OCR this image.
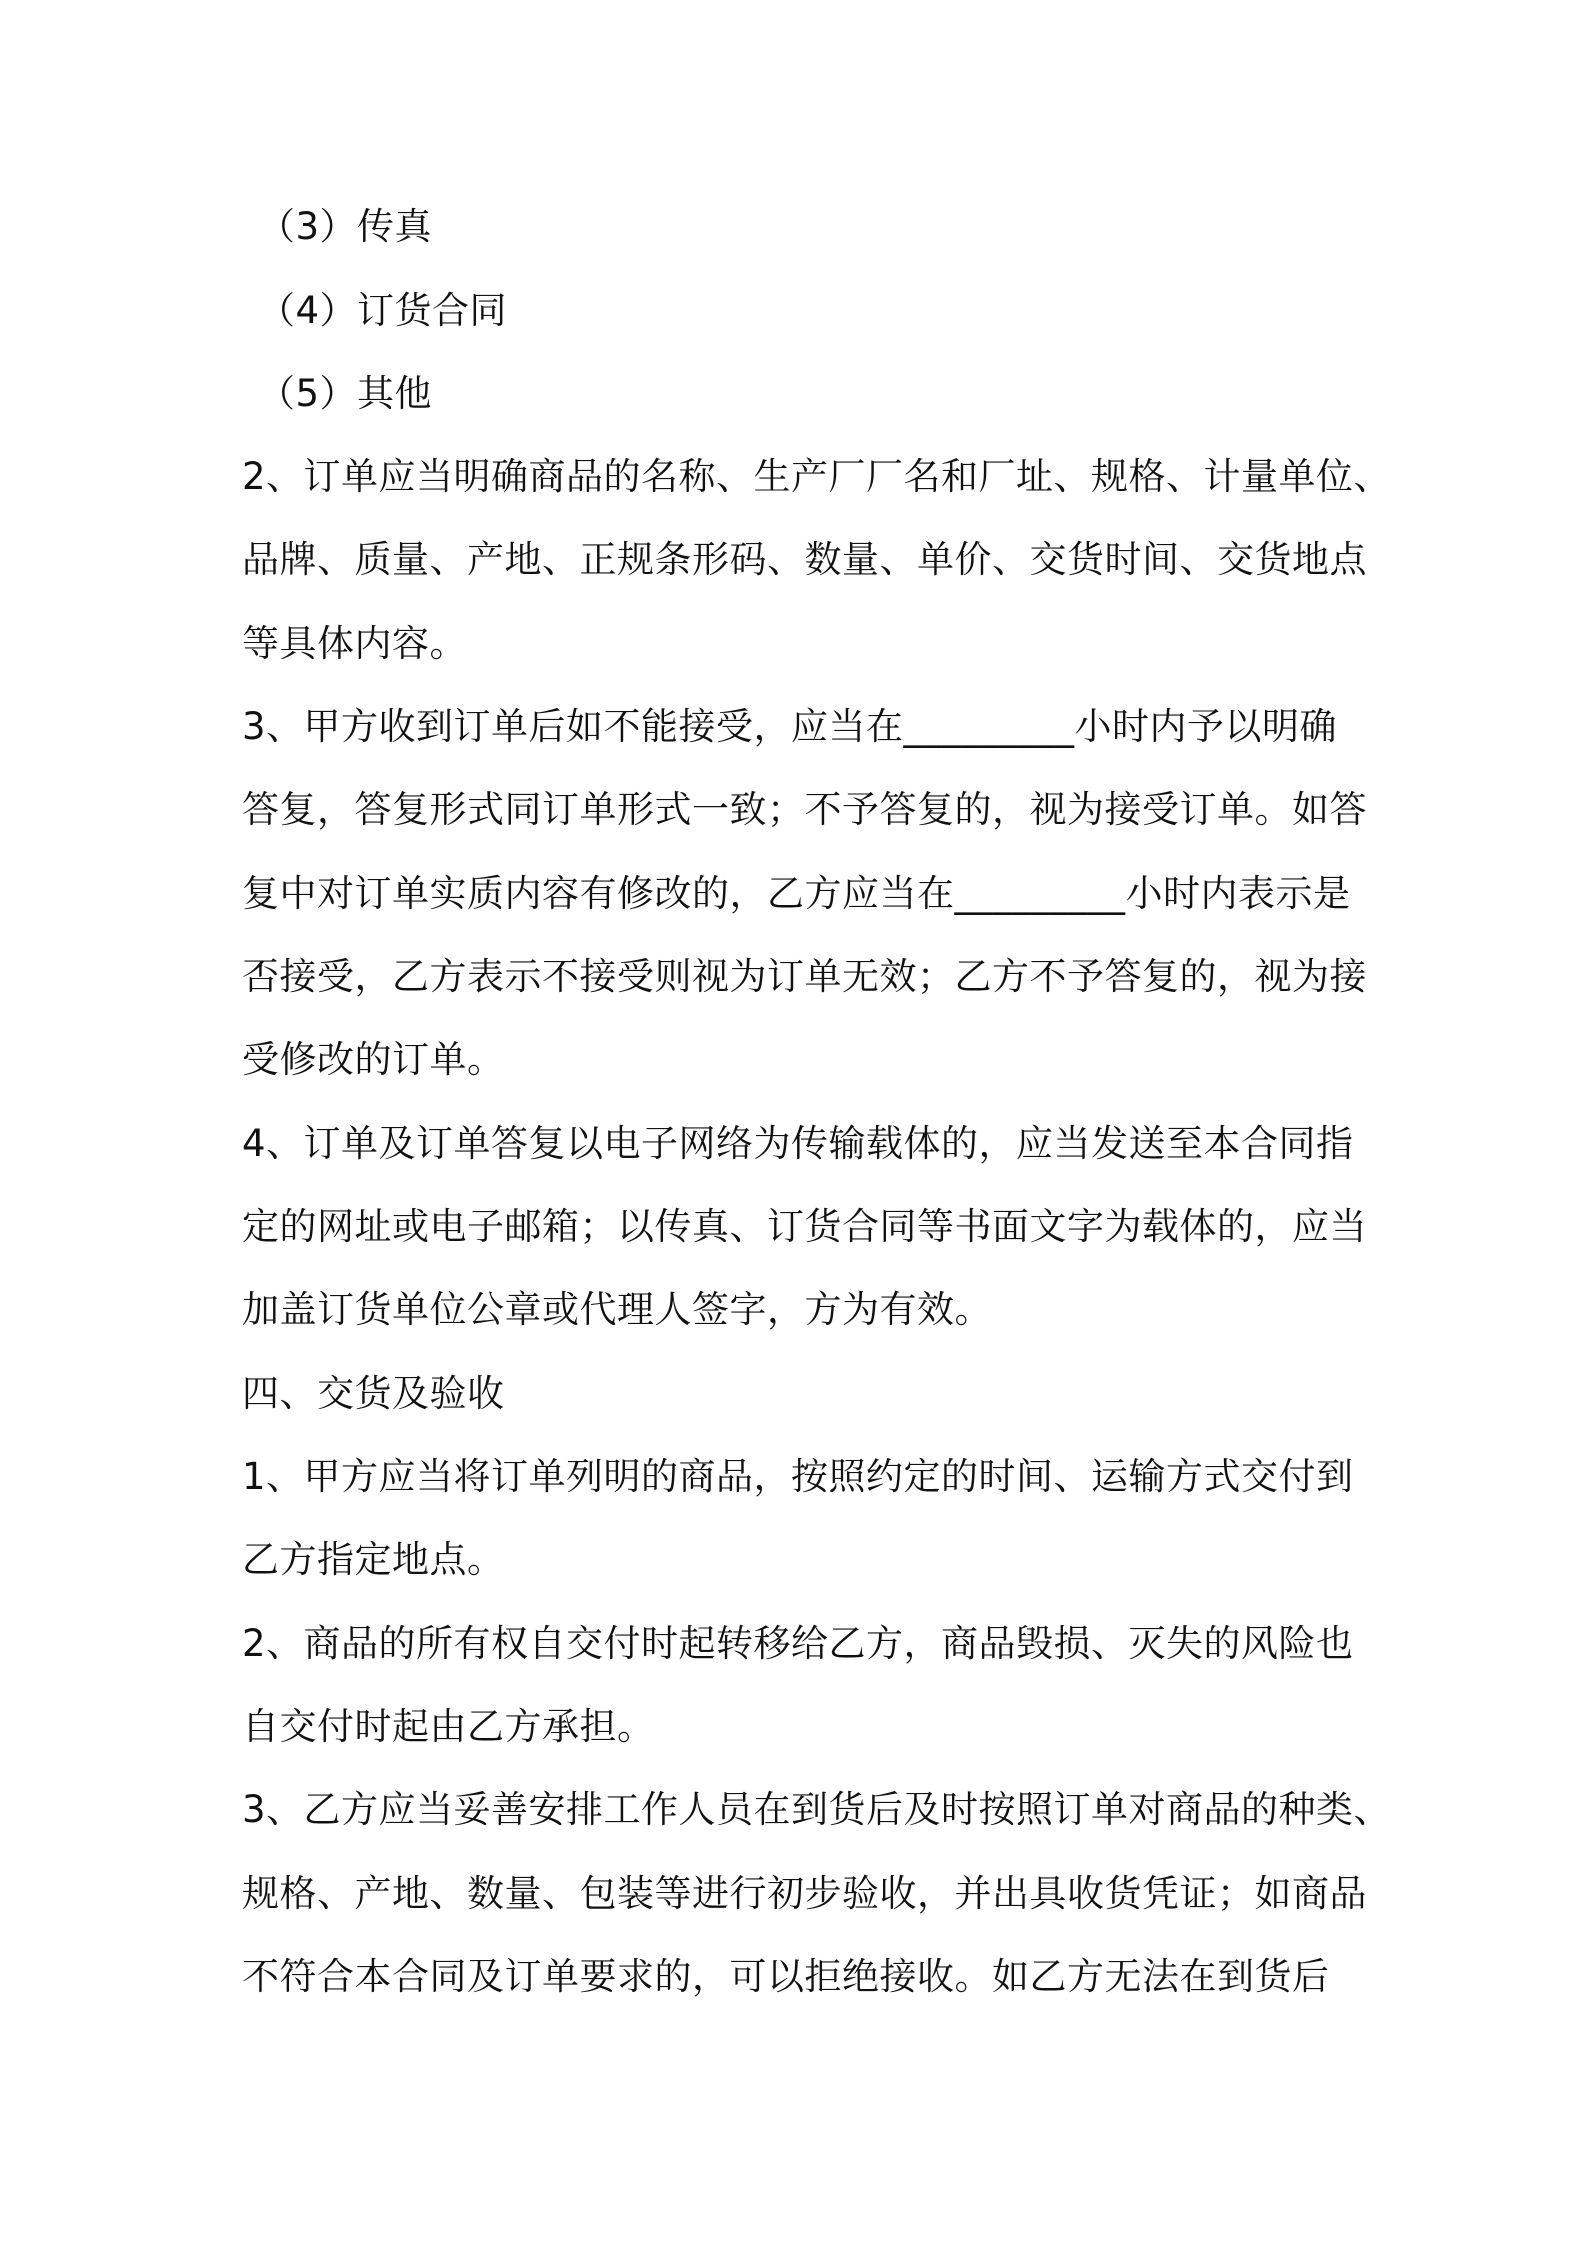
（3）传真
（4）订货合同
（5）其他
2、订单应当明确商品的名称、生产厂厂名和厂址、规格、计量单位、
品牌、质量、产地、正规条形码、数量、单价、交货时间、交货地点
等具体内容。
3、甲方收到订单后如不能接受，应当在_________小时内予以明确
答复，答复形式同订单形式一致；不予答复的，视为接受订单。如答
复中对订单实质内容有修改的，乙方应当在_________小时内表示是
否接受，乙方表示不接受则视为订单无效；乙方不予答复的，视为接
受修改的订单。
4、订单及订单答复以电子网络为传输载体的，应当发送至本合同指
定的网址或电子邮箱；以传真、订货合同等书面文字为载体的，应当
加盖订货单位公章或代理人签字，方为有效。
四、交货及验收
1、甲方应当将订单列明的商品，按照约定的时间、运输方式交付到
乙方指定地点。
2、商品的所有权自交付时起转移给乙方，商品毁损、灭失的风险也
自交付时起由乙方承担。
3、乙方应当妥善安排工作人员在到货后及时按照订单对商品的种类、
规格、产地、数量、包装等进行初步验收，并出具收货凭证；如商品
不符合本合同及订单要求的，可以拒绝接收。如乙方无法在到货后
